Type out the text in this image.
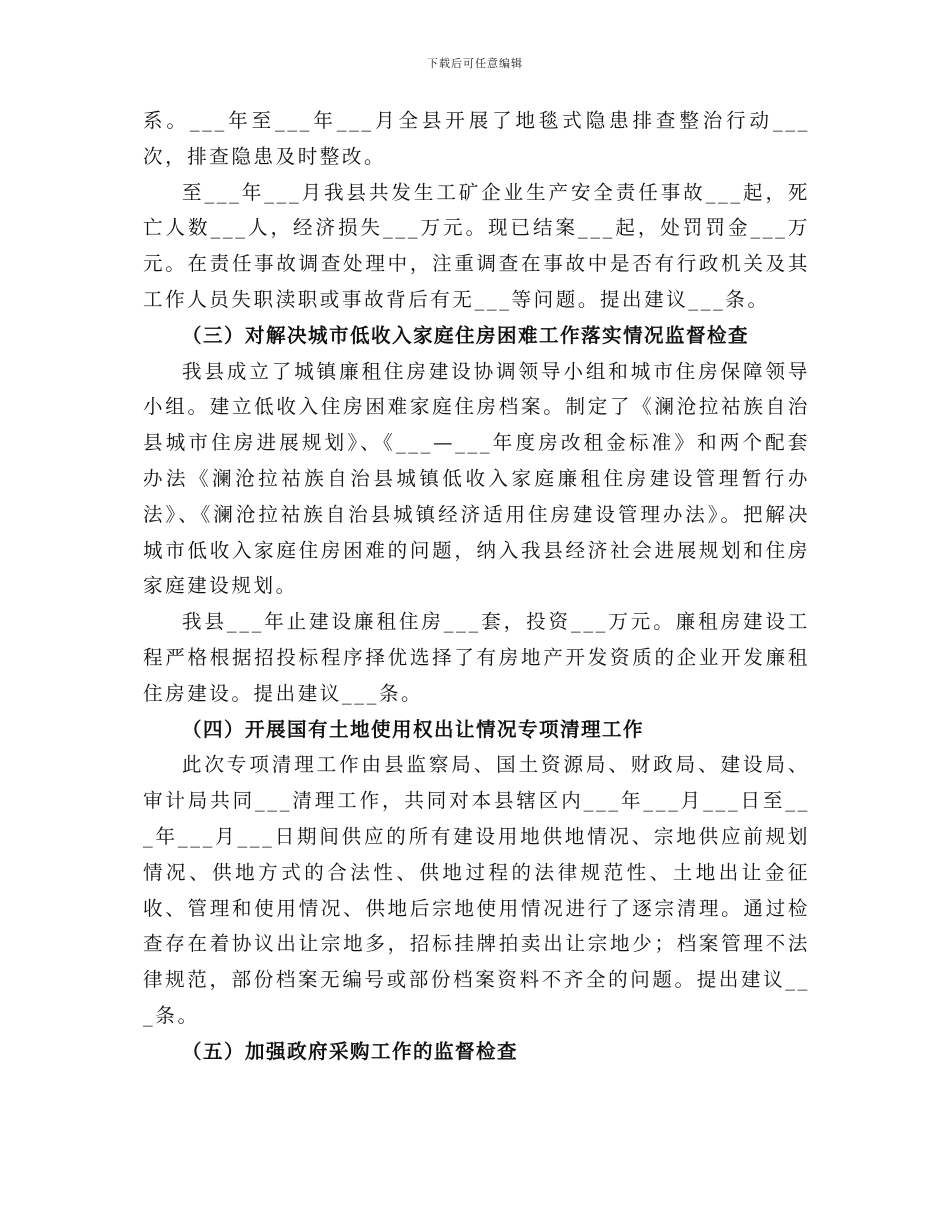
下载后可任意编辑

系。___年至___年___月全县开展了地毯式隐患排查整治行动___次，排查隐患及时整改。

至___年___月我县共发生工矿企业生产安全责任事故___起，死亡人数___人，经济损失___万元。现已结案___起，处罚罚金___万元。在责任事故调查处理中，注重调查在事故中是否有行政机关及其工作人员失职渎职或事故背后有无___等问题。提出建议___条。

（三）对解决城市低收入家庭住房困难工作落实情况监督检查

我县成立了城镇廉租住房建设协调领导小组和城市住房保障领导小组。建立低收入住房困难家庭住房档案。制定了《澜沧拉祜族自治县城市住房进展规划》、《___—___年度房改租金标准》和两个配套办法《澜沧拉祜族自治县城镇低收入家庭廉租住房建设管理暂行办法》、《澜沧拉祜族自治县城镇经济适用住房建设管理办法》。把解决城市低收入家庭住房困难的问题，纳入我县经济社会进展规划和住房家庭建设规划。

我县___年止建设廉租住房___套，投资___万元。廉租房建设工程严格根据招投标程序择优选择了有房地产开发资质的企业开发廉租住房建设。提出建议___条。

（四）开展国有土地使用权出让情况专项清理工作

此次专项清理工作由县监察局、国土资源局、财政局、建设局、审计局共同___清理工作，共同对本县辖区内___年___月___日至___年___月___日期间供应的所有建设用地供地情况、宗地供应前规划情况、供地方式的合法性、供地过程的法律规范性、土地出让金征收、管理和使用情况、供地后宗地使用情况进行了逐宗清理。通过检查存在着协议出让宗地多，招标挂牌拍卖出让宗地少；档案管理不法律规范，部份档案无编号或部份档案资料不齐全的问题。提出建议___条。

（五）加强政府采购工作的监督检查
